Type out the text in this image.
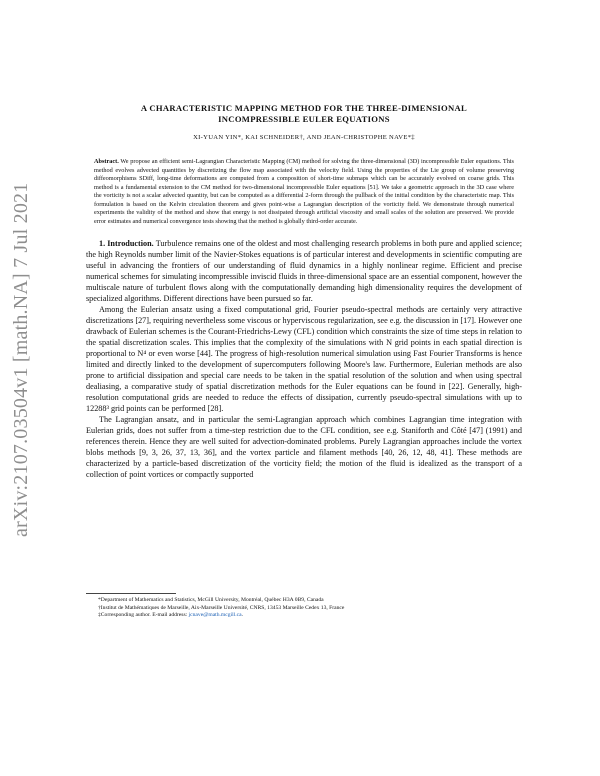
arXiv:2107.03504v1 [math.NA] 7 Jul 2021
A CHARACTERISTIC MAPPING METHOD FOR THE THREE-DIMENSIONAL
INCOMPRESSIBLE EULER EQUATIONS
XI-YUAN YIN*, KAI SCHNEIDER†, AND JEAN-CHRISTOPHE NAVE*‡
Abstract. We propose an efficient semi-Lagrangian Characteristic Mapping (CM) method for solving the three-dimensional (3D) incompressible Euler equations. This method evolves advected quantities by discretizing the flow map associated with the velocity field. Using the properties of the Lie group of volume preserving diffeomorphisms SDiff, long-time deformations are computed from a composition of short-time submaps which can be accurately evolved on coarse grids. This method is a fundamental extension to the CM method for two-dimensional incompressible Euler equations [51]. We take a geometric approach in the 3D case where the vorticity is not a scalar advected quantity, but can be computed as a differential 2-form through the pullback of the initial condition by the characteristic map. This formulation is based on the Kelvin circulation theorem and gives point-wise a Lagrangian description of the vorticity field. We demonstrate through numerical experiments the validity of the method and show that energy is not dissipated through artificial viscosity and small scales of the solution are preserved. We provide error estimates and numerical convergence tests showing that the method is globally third-order accurate.

1. Introduction. Turbulence remains one of the oldest and most challenging research problems in both pure and applied science; the high Reynolds number limit of the Navier-Stokes equations is of particular interest and developments in scientific computing are useful in advancing the frontiers of our understanding of fluid dynamics in a highly nonlinear regime. Efficient and precise numerical schemes for simulating incompressible inviscid fluids in three-dimensional space are an essential component, however the multiscale nature of turbulent flows along with the computationally demanding high dimensionality requires the development of specialized algorithms. Different directions have been pursued so far.

Among the Eulerian ansatz using a fixed computational grid, Fourier pseudo-spectral methods are certainly very attractive discretizations [27], requiring nevertheless some viscous or hyperviscous regularization, see e.g. the discussion in [17]. However one drawback of Eulerian schemes is the Courant-Friedrichs-Lewy (CFL) condition which constraints the size of time steps in relation to the spatial discretization scales. This implies that the complexity of the simulations with N grid points in each spatial direction is proportional to N⁴ or even worse [44]. The progress of high-resolution numerical simulation using Fast Fourier Transforms is hence limited and directly linked to the development of supercomputers following Moore's law. Furthermore, Eulerian methods are also prone to artificial dissipation and special care needs to be taken in the spatial resolution of the solution and when using spectral dealiasing, a comparative study of spatial discretization methods for the Euler equations can be found in [22]. Generally, high-resolution computational grids are needed to reduce the effects of dissipation, currently pseudo-spectral simulations with up to 12288³ grid points can be performed [28].

The Lagrangian ansatz, and in particular the semi-Lagrangian approach which combines Lagrangian time integration with Eulerian grids, does not suffer from a time-step restriction due to the CFL condition, see e.g. Staniforth and Côté [47] (1991) and references therein. Hence they are well suited for advection-dominated problems. Purely Lagrangian approaches include the vortex blobs methods [9, 3, 26, 37, 13, 36], and the vortex particle and filament methods [40, 26, 12, 48, 41]. These methods are characterized by a particle-based discretization of the vorticity field; the motion of the fluid is idealized as the transport of a collection of point vortices or compactly supported

*Department of Mathematics and Statistics, McGill University, Montréal, Québec H3A 0B9, Canada
†Institut de Mathématiques de Marseille, Aix-Marseille Université, CNRS, 13453 Marseille Cedex 13, France
‡Corresponding author. E-mail address: jcnave@math.mcgill.ca.
